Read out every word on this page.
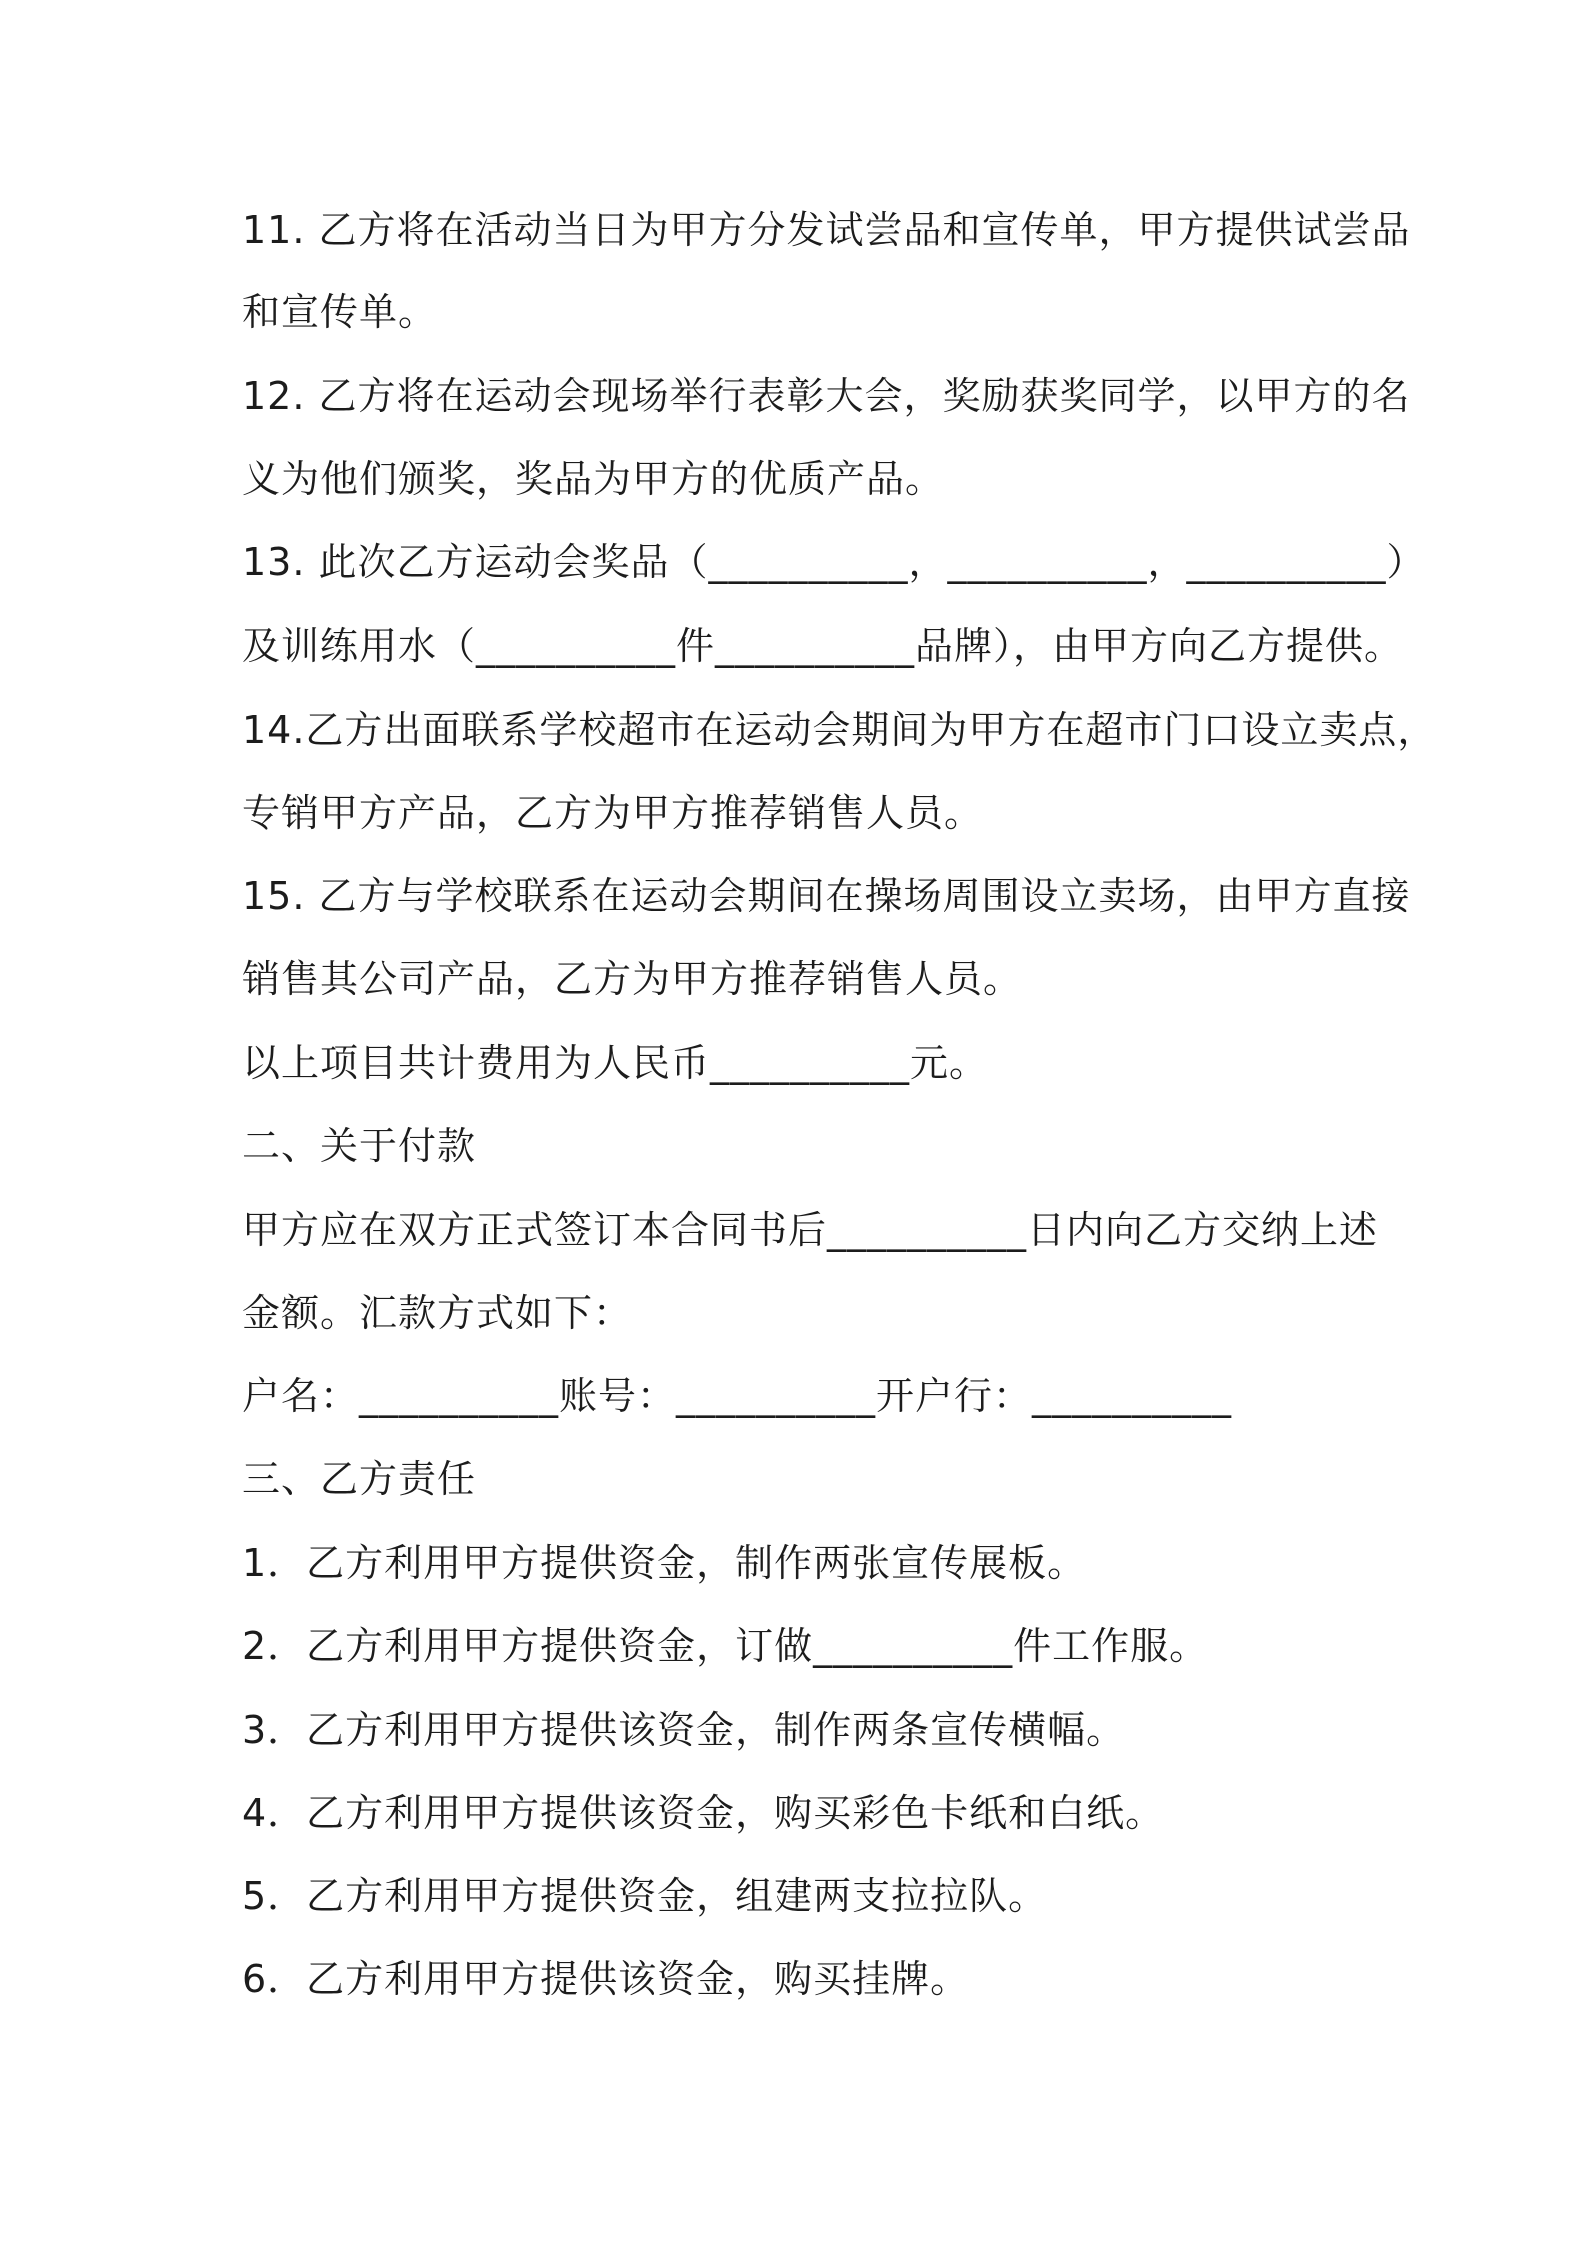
11. 乙方将在活动当日为甲方分发试尝品和宣传单，甲方提供试尝品
和宣传单。
12. 乙方将在运动会现场举行表彰大会，奖励获奖同学，以甲方的名
义为他们颁奖，奖品为甲方的优质产品。
13. 此次乙方运动会奖品（__________，__________，__________）
及训练用水（__________件__________品牌），由甲方向乙方提供。
14.乙方出面联系学校超市在运动会期间为甲方在超市门口设立卖点，
专销甲方产品，乙方为甲方推荐销售人员。
15. 乙方与学校联系在运动会期间在操场周围设立卖场，由甲方直接
销售其公司产品，乙方为甲方推荐销售人员。
以上项目共计费用为人民币__________元。
二、关于付款
甲方应在双方正式签订本合同书后__________日内向乙方交纳上述
金额。汇款方式如下：
户名：__________账号：__________开户行：__________
三、乙方责任
1．乙方利用甲方提供资金，制作两张宣传展板。
2．乙方利用甲方提供资金，订做__________件工作服。
3．乙方利用甲方提供该资金，制作两条宣传横幅。
4．乙方利用甲方提供该资金，购买彩色卡纸和白纸。
5．乙方利用甲方提供资金，组建两支拉拉队。
6．乙方利用甲方提供该资金，购买挂牌。
